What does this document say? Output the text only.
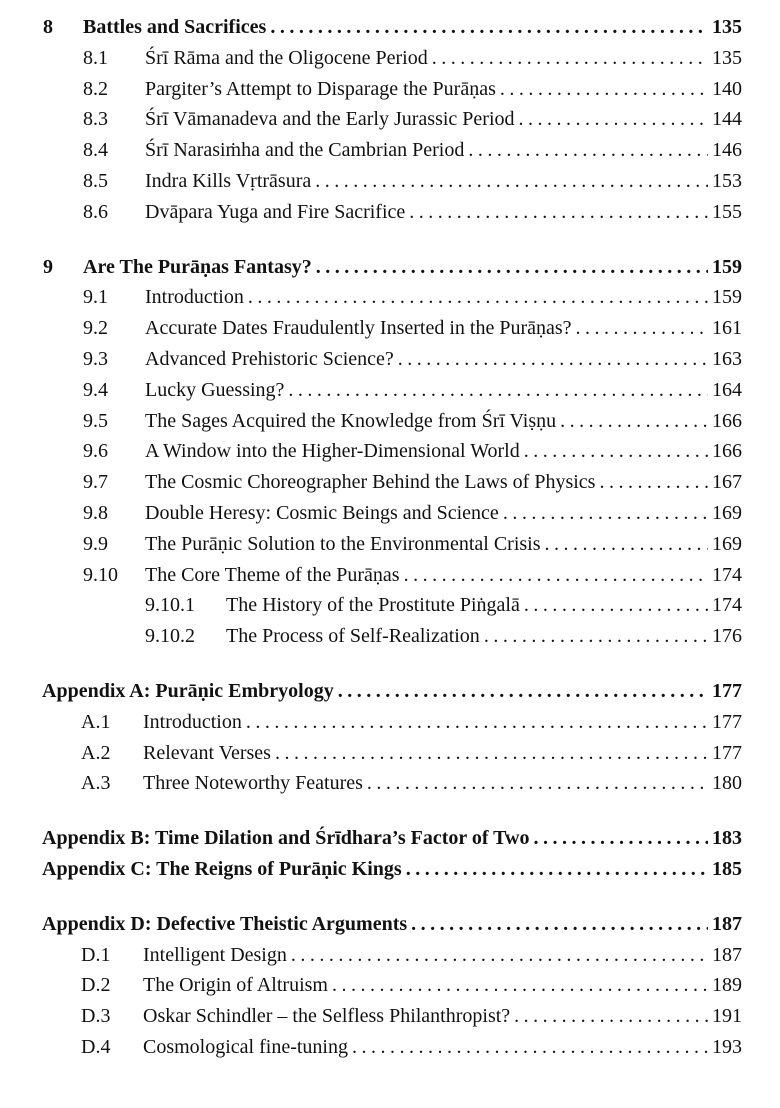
8 Battles and Sacrifices . . .	135
8.1 Śrī Rāma and the Oligocene Period . . .	135
8.2 Pargiter’s Attempt to Disparage the Purāṇas . . .	140
8.3 Śrī Vāmanadeva and the Early Jurassic Period . . .	144
8.4 Śrī Narasiṁha and the Cambrian Period . . .	146
8.5 Indra Kills Vṛtrāsura . . .	153
8.6 Dvāpara Yuga and Fire Sacrifice . . .	155
9 Are The Purāṇas Fantasy? . . .	159
9.1 Introduction . . .	159
9.2 Accurate Dates Fraudulently Inserted in the Purāṇas? . . .	161
9.3 Advanced Prehistoric Science? . . .	163
9.4 Lucky Guessing? . . .	164
9.5 The Sages Acquired the Knowledge from Śrī Viṣṇu . . .	166
9.6 A Window into the Higher-Dimensional World . . .	166
9.7 The Cosmic Choreographer Behind the Laws of Physics . . .	167
9.8 Double Heresy: Cosmic Beings and Science . . .	169
9.9 The Purāṇic Solution to the Environmental Crisis . . .	169
9.10 The Core Theme of the Purāṇas . . .	174
9.10.1 The History of the Prostitute Piṅgalā . . .	174
9.10.2 The Process of Self-Realization . . .	176
Appendix A: Purāṇic Embryology . . .	177
A.1 Introduction . . .	177
A.2 Relevant Verses . . .	177
A.3 Three Noteworthy Features . . .	180
Appendix B: Time Dilation and Śrīdhara’s Factor of Two . . .	183
Appendix C: The Reigns of Purāṇic Kings . . .	185
Appendix D: Defective Theistic Arguments . . .	187
D.1 Intelligent Design . . .	187
D.2 The Origin of Altruism . . .	189
D.3 Oskar Schindler – the Selfless Philanthropist? . . .	191
D.4 Cosmological fine-tuning . . .	193
